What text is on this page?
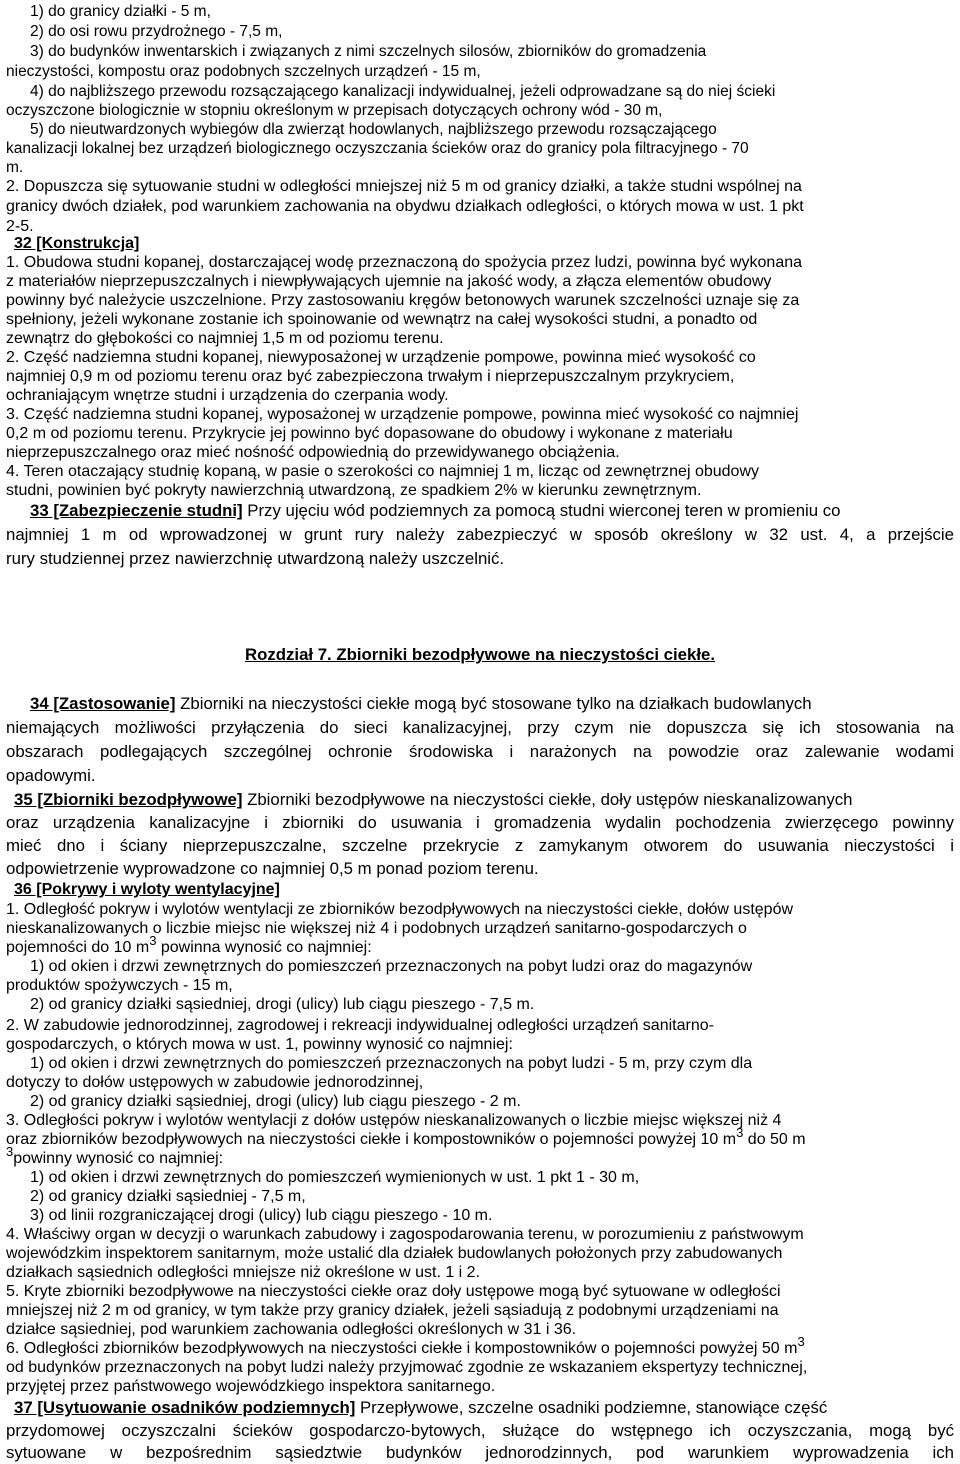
1) do granicy działki - 5 m,
2) do osi rowu przydrożnego - 7,5 m,
3) do budynków inwentarskich i związanych z nimi szczelnych silosów, zbiorników do gromadzenia
nieczystości, kompostu oraz podobnych szczelnych urządzeń - 15 m,
4) do najbliższego przewodu rozsączającego kanalizacji indywidualnej, jeżeli odprowadzane są do niej ścieki
oczyszczone biologicznie w stopniu określonym w przepisach dotyczących ochrony wód - 30 m,
5) do nieutwardzonych wybiegów dla zwierząt hodowlanych, najbliższego przewodu rozsączającego
kanalizacji lokalnej bez urządzeń biologicznego oczyszczania ścieków oraz do granicy pola filtracyjnego - 70
m.
2. Dopuszcza się sytuowanie studni w odległości mniejszej niż 5 m od granicy działki, a także studni wspólnej na
granicy dwóch działek, pod warunkiem zachowania na obydwu działkach odległości, o których mowa w ust. 1 pkt
2-5.
32 [Konstrukcja]
1. Obudowa studni kopanej, dostarczającej wodę przeznaczoną do spożycia przez ludzi, powinna być wykonana
z materiałów nieprzepuszczalnych i niewpływających ujemnie na jakość wody, a złącza elementów obudowy
powinny być należycie uszczelnione. Przy zastosowaniu kręgów betonowych warunek szczelności uznaje się za
spełniony, jeżeli wykonane zostanie ich spoinowanie od wewnątrz na całej wysokości studni, a ponadto od
zewnątrz do głębokości co najmniej 1,5 m od poziomu terenu.
2. Część nadziemna studni kopanej, niewyposażonej w urządzenie pompowe, powinna mieć wysokość co
najmniej 0,9 m od poziomu terenu oraz być zabezpieczona trwałym i nieprzepuszczalnym przykryciem,
ochraniającym wnętrze studni i urządzenia do czerpania wody.
3. Część nadziemna studni kopanej, wyposażonej w urządzenie pompowe, powinna mieć wysokość co najmniej
0,2 m od poziomu terenu. Przykrycie jej powinno być dopasowane do obudowy i wykonane z materiału
nieprzepuszczalnego oraz mieć nośność odpowiednią do przewidywanego obciążenia.
4. Teren otaczający studnię kopaną, w pasie o szerokości co najmniej 1 m, licząc od zewnętrznej obudowy
studni, powinien być pokryty nawierzchnią utwardzoną, ze spadkiem 2% w kierunku zewnętrznym.
33 [Zabezpieczenie studni] Przy ujęciu wód podziemnych za pomocą studni wierconej teren w promieniu co
najmniej 1 m od wprowadzonej w grunt rury należy zabezpieczyć w sposób określony w 32 ust. 4, a przejście
rury studziennej przez nawierzchnię utwardzoną należy uszczelnić.
Rozdział 7. Zbiorniki bezodpływowe na nieczystości ciekłe.
34 [Zastosowanie] Zbiorniki na nieczystości ciekłe mogą być stosowane tylko na działkach budowlanych
niemających możliwości przyłączenia do sieci kanalizacyjnej, przy czym nie dopuszcza się ich stosowania na
obszarach podlegających szczególnej ochronie środowiska i narażonych na powodzie oraz zalewanie wodami
opadowymi.
35 [Zbiorniki bezodpływowe] Zbiorniki bezodpływowe na nieczystości ciekłe, doły ustępów nieskanalizowanych
oraz urządzenia kanalizacyjne i zbiorniki do usuwania i gromadzenia wydalin pochodzenia zwierzęcego powinny
mieć dno i ściany nieprzepuszczalne, szczelne przekrycie z zamykanym otworem do usuwania nieczystości i
odpowietrzenie wyprowadzone co najmniej 0,5 m ponad poziom terenu.
36 [Pokrywy i wyloty wentylacyjne]
1. Odległość pokryw i wylotów wentylacji ze zbiorników bezodpływowych na nieczystości ciekłe, dołów ustępów
nieskanalizowanych o liczbie miejsc nie większej niż 4 i podobnych urządzeń sanitarno-gospodarczych o
pojemności do 10 $m^3$ powinna wynosić co najmniej:
1) od okien i drzwi zewnętrznych do pomieszczeń przeznaczonych na pobyt ludzi oraz do magazynów
produktów spożywczych - 15 m,
2) od granicy działki sąsiedniej, drogi (ulicy) lub ciągu pieszego - 7,5 m.
2. W zabudowie jednorodzinnej, zagrodowej i rekreacji indywidualnej odległości urządzeń sanitarno-
gospodarczych, o których mowa w ust. 1, powinny wynosić co najmniej:
1) od okien i drzwi zewnętrznych do pomieszczeń przeznaczonych na pobyt ludzi - 5 m, przy czym dla
dotyczy to dołów ustępowych w zabudowie jednorodzinnej,
2) od granicy działki sąsiedniej, drogi (ulicy) lub ciągu pieszego - 2 m.
3. Odległości pokryw i wylotów wentylacji z dołów ustępów nieskanalizowanych o liczbie miejsc większej niż 4
oraz zbiorników bezodpływowych na nieczystości ciekłe i kompostowników o pojemności powyżej 10 $m^3$ do 50 m
$^3$powinny wynosić co najmniej:
1) od okien i drzwi zewnętrznych do pomieszczeń wymienionych w ust. 1 pkt 1 - 30 m,
2) od granicy działki sąsiedniej - 7,5 m,
3) od linii rozgraniczającej drogi (ulicy) lub ciągu pieszego - 10 m.
4. Właściwy organ w decyzji o warunkach zabudowy i zagospodarowania terenu, w porozumieniu z państwowym
wojewódzkim inspektorem sanitarnym, może ustalić dla działek budowlanych położonych przy zabudowanych
działkach sąsiednich odległości mniejsze niż określone w ust. 1 i 2.
5. Kryte zbiorniki bezodpływowe na nieczystości ciekłe oraz doły ustępowe mogą być sytuowane w odległości
mniejszej niż 2 m od granicy, w tym także przy granicy działek, jeżeli sąsiadują z podobnymi urządzeniami na
działce sąsiedniej, pod warunkiem zachowania odległości określonych w 31 i 36.
6. Odległości zbiorników bezodpływowych na nieczystości ciekłe i kompostowników o pojemności powyżej 50 $m^3$
od budynków przeznaczonych na pobyt ludzi należy przyjmować zgodnie ze wskazaniem ekspertyzy technicznej,
przyjętej przez państwowego wojewódzkiego inspektora sanitarnego.
37 [Usytuowanie osadników podziemnych] Przepływowe, szczelne osadniki podziemne, stanowiące część
przydomowej oczyszczalni ścieków gospodarczo-bytowych, służące do wstępnego ich oczyszczania, mogą być
sytuowane w bezpośrednim sąsiedztwie budynków jednorodzinnych, pod warunkiem wyprowadzenia ich
